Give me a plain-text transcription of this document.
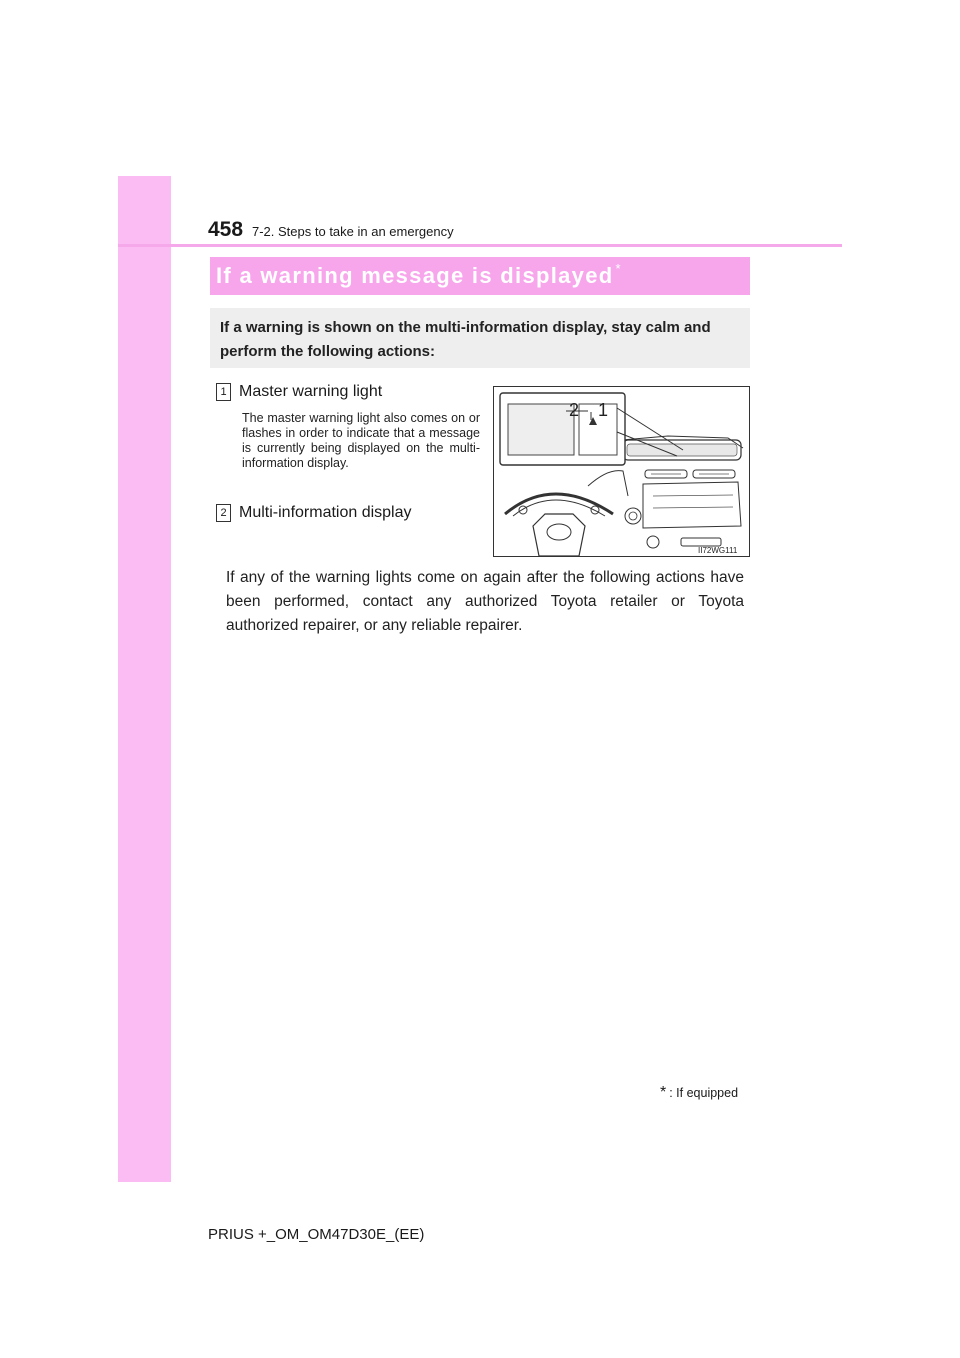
458 7-2. Steps to take in an emergency
If a warning message is displayed *
If a warning is shown on the multi-information display, stay calm and perform the following actions:
1 Master warning light
The master warning light also comes on or flashes in order to indicate that a message is currently being displayed on the multi-information display.
2 Multi-information display
2 1
II72WG111
If any of the warning lights come on again after the following actions have been performed, contact any authorized Toyota retailer or Toyota authorized repairer, or any reliable repairer.
* : If equipped
PRIUS +_OM_OM47D30E_(EE)
